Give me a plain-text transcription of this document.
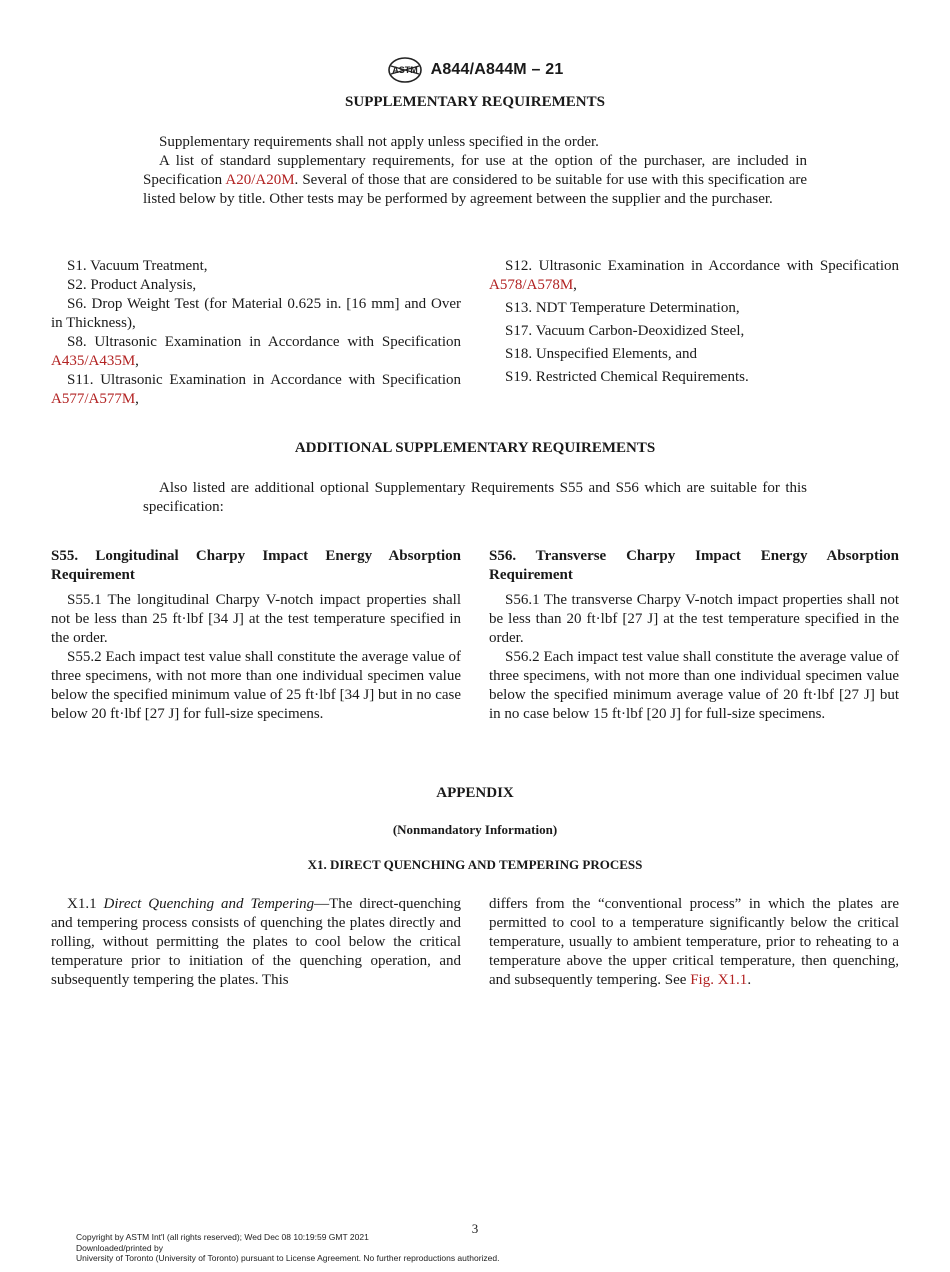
ASTM A844/A844M – 21
SUPPLEMENTARY REQUIREMENTS

Supplementary requirements shall not apply unless specified in the order.

A list of standard supplementary requirements, for use at the option of the purchaser, are included in Specification A20/A20M. Several of those that are considered to be suitable for use with this specification are listed below by title. Other tests may be performed by agreement between the supplier and the purchaser.

S1. Vacuum Treatment,

S2. Product Analysis,

S6. Drop Weight Test (for Material 0.625 in. [16 mm] and Over in Thickness),

S8. Ultrasonic Examination in Accordance with Specification A435/A435M,

S11. Ultrasonic Examination in Accordance with Specification A577/A577M,

S12. Ultrasonic Examination in Accordance with Specification A578/A578M,

S13. NDT Temperature Determination,

S17. Vacuum Carbon-Deoxidized Steel,

S18. Unspecified Elements, and

S19. Restricted Chemical Requirements.

ADDITIONAL SUPPLEMENTARY REQUIREMENTS

Also listed are additional optional Supplementary Requirements S55 and S56 which are suitable for this specification:

S55. Longitudinal Charpy Impact Energy Absorption Requirement

S55.1 The longitudinal Charpy V-notch impact properties shall not be less than 25 ft·lbf [34 J] at the test temperature specified in the order.

S55.2 Each impact test value shall constitute the average value of three specimens, with not more than one individual specimen value below the specified minimum value of 25 ft·lbf [34 J] but in no case below 20 ft·lbf [27 J] for full-size specimens.

S56. Transverse Charpy Impact Energy Absorption Requirement

S56.1 The transverse Charpy V-notch impact properties shall not be less than 20 ft·lbf [27 J] at the test temperature specified in the order.

S56.2 Each impact test value shall constitute the average value of three specimens, with not more than one individual specimen value below the specified minimum average value of 20 ft·lbf [27 J] but in no case below 15 ft·lbf [20 J] for full-size specimens.

APPENDIX
(Nonmandatory Information)
X1. DIRECT QUENCHING AND TEMPERING PROCESS

X1.1 Direct Quenching and Tempering—The direct-quenching and tempering process consists of quenching the plates directly and rolling, without permitting the plates to cool below the critical temperature prior to initiation of the quenching operation, and subsequently tempering the plates. This

differs from the “conventional process” in which the plates are permitted to cool to a temperature significantly below the critical temperature, usually to ambient temperature, prior to reheating to a temperature above the upper critical temperature, then quenching, and subsequently tempering. See Fig. X1.1.

3
Copyright by ASTM Int'l (all rights reserved); Wed Dec 08 10:19:59 GMT 2021
Downloaded/printed by
University of Toronto (University of Toronto) pursuant to License Agreement. No further reproductions authorized.
